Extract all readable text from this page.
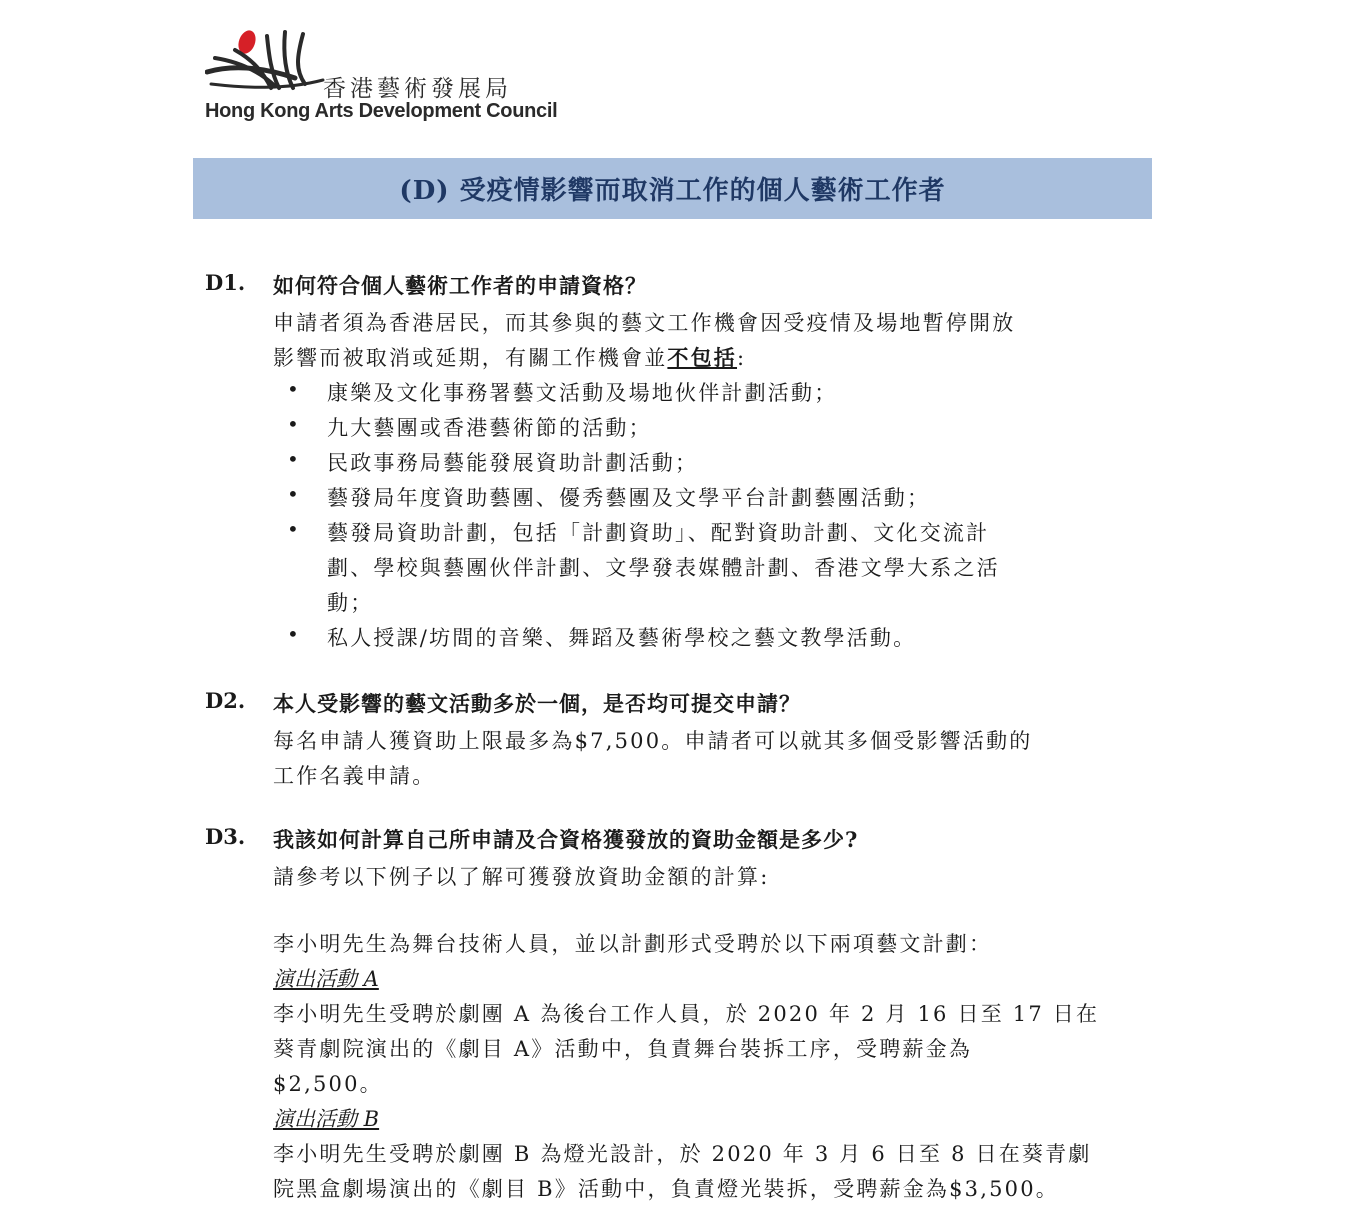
香港藝術發展局
Hong Kong Arts Development Council
(D) 受疫情影響而取消工作的個人藝術工作者
D1. 如何符合個人藝術工作者的申請資格？
申請者須為香港居民，而其參與的藝文工作機會因受疫情及場地暫停開放
影響而被取消或延期，有關工作機會並不包括:
• 康樂及文化事務署藝文活動及場地伙伴計劃活動；
• 九大藝團或香港藝術節的活動；
• 民政事務局藝能發展資助計劃活動；
• 藝發局年度資助藝團、優秀藝團及文學平台計劃藝團活動；
• 藝發局資助計劃，包括「計劃資助」、配對資助計劃、文化交流計
劃、學校與藝團伙伴計劃、文學發表媒體計劃、香港文學大系之活
動；
• 私人授課/坊間的音樂、舞蹈及藝術學校之藝文教學活動。
D2. 本人受影響的藝文活動多於一個，是否均可提交申請？
每名申請人獲資助上限最多為$7,500。申請者可以就其多個受影響活動的
工作名義申請。
D3. 我該如何計算自己所申請及合資格獲發放的資助金額是多少?
請參考以下例子以了解可獲發放資助金額的計算:
李小明先生為舞台技術人員，並以計劃形式受聘於以下兩項藝文計劃：
演出活動 A
李小明先生受聘於劇團 A 為後台工作人員，於 2020 年 2 月 16 日至 17 日在
葵青劇院演出的《劇目 A》活動中，負責舞台裝拆工序，受聘薪金為
$2,500。
演出活動 B
李小明先生受聘於劇團 B 為燈光設計，於 2020 年 3 月 6 日至 8 日在葵青劇
院黑盒劇場演出的《劇目 B》活動中，負責燈光裝拆，受聘薪金為$3,500。
